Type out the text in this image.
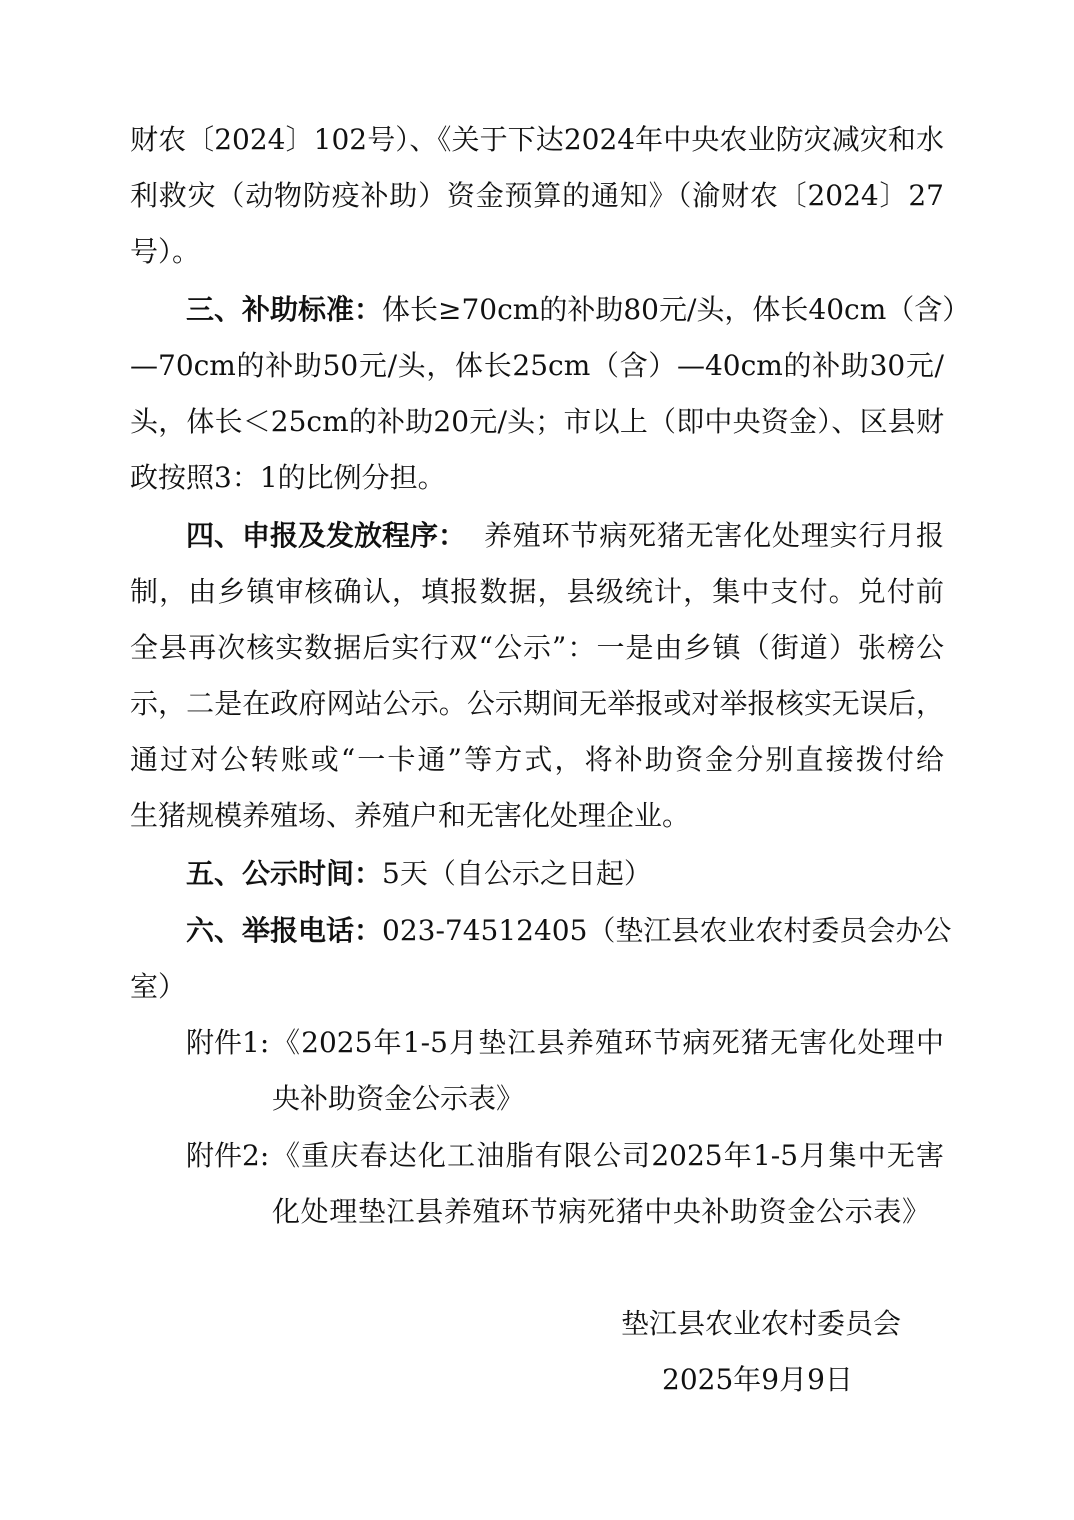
财农〔2024〕102号）、《关于下达2024年中央农业防灾减灾和水
利救灾（动物防疫补助）资金预算的通知》（渝财农〔2024〕27
号）。
三、补助标准： 体长≥70cm的补助80元/头，体长40cm（含）
—70cm的补助50元/头，体长25cm（含）—40cm的补助30元/
头，体长＜25cm的补助20元/头；市以上（即中央资金）、区县财
政按照3：1的比例分担。
四、申报及发放程序： 养殖环节病死猪无害化处理实行月报
制，由乡镇审核确认，填报数据，县级统计，集中支付。兑付前
全县再次核实数据后实行双“公示”：一是由乡镇（街道）张榜公
示，二是在政府网站公示。公示期间无举报或对举报核实无误后，
通过对公转账或“一卡通”等方式，将补助资金分别直接拨付给
生猪规模养殖场、养殖户和无害化处理企业。
五、公示时间： 5天（自公示之日起）
六、举报电话： 023-74512405（垫江县农业农村委员会办公
室）
附件1: 《2025年1-5月垫江县养殖环节病死猪无害化处理中
央补助资金公示表》
附件2: 《重庆春达化工油脂有限公司2025年1-5月集中无害
化处理垫江县养殖环节病死猪中央补助资金公示表》
垫江县农业农村委员会
2025年9月9日
